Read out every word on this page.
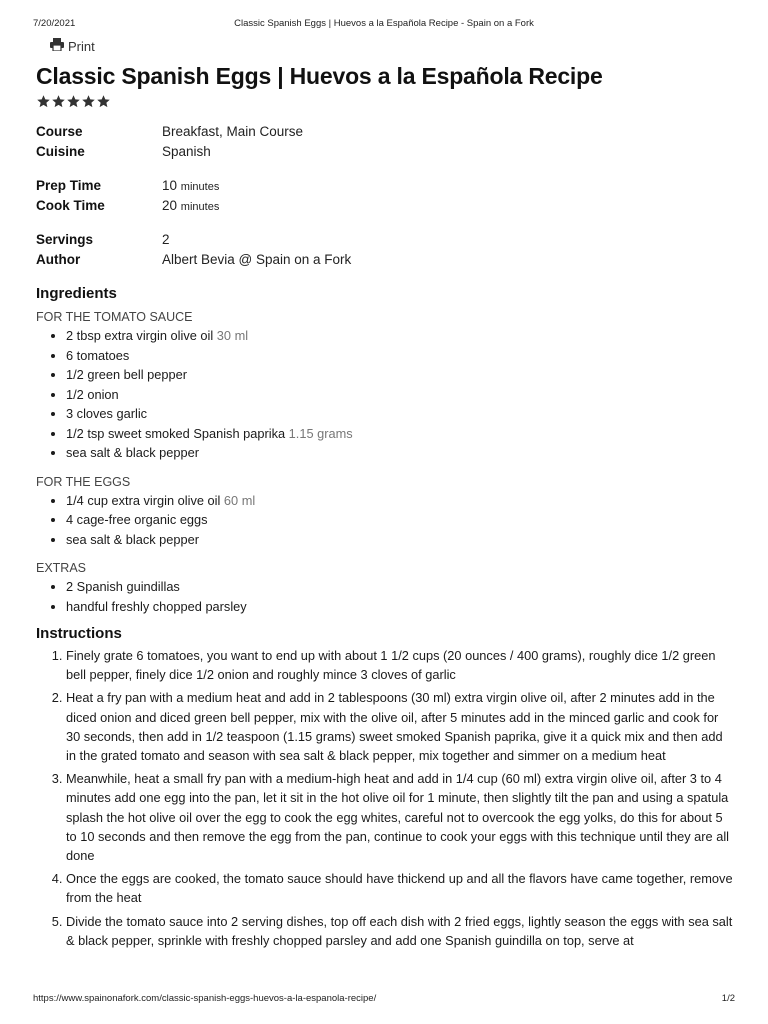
7/20/2021	Classic Spanish Eggs | Huevos a la Española Recipe - Spain on a Fork
Print
Classic Spanish Eggs | Huevos a la Española Recipe
Course	Breakfast, Main Course
Cuisine	Spanish
Prep Time	10 minutes
Cook Time	20 minutes
Servings	2
Author	Albert Bevia @ Spain on a Fork
Ingredients
FOR THE TOMATO SAUCE
• 2 tbsp extra virgin olive oil 30 ml
• 6 tomatoes
• 1/2 green bell pepper
• 1/2 onion
• 3 cloves garlic
• 1/2 tsp sweet smoked Spanish paprika 1.15 grams
• sea salt & black pepper
FOR THE EGGS
• 1/4 cup extra virgin olive oil 60 ml
• 4 cage-free organic eggs
• sea salt & black pepper
EXTRAS
• 2 Spanish guindillas
• handful freshly chopped parsley
Instructions
1. Finely grate 6 tomatoes, you want to end up with about 1 1/2 cups (20 ounces / 400 grams), roughly dice 1/2 green bell pepper, finely dice 1/2 onion and roughly mince 3 cloves of garlic
2. Heat a fry pan with a medium heat and add in 2 tablespoons (30 ml) extra virgin olive oil, after 2 minutes add in the diced onion and diced green bell pepper, mix with the olive oil, after 5 minutes add in the minced garlic and cook for 30 seconds, then add in 1/2 teaspoon (1.15 grams) sweet smoked Spanish paprika, give it a quick mix and then add in the grated tomato and season with sea salt & black pepper, mix together and simmer on a medium heat
3. Meanwhile, heat a small fry pan with a medium-high heat and add in 1/4 cup (60 ml) extra virgin olive oil, after 3 to 4 minutes add one egg into the pan, let it sit in the hot olive oil for 1 minute, then slightly tilt the pan and using a spatula splash the hot olive oil over the egg to cook the egg whites, careful not to overcook the egg yolks, do this for about 5 to 10 seconds and then remove the egg from the pan, continue to cook your eggs with this technique until they are all done
4. Once the eggs are cooked, the tomato sauce should have thickend up and all the flavors have came together, remove from the heat
5. Divide the tomato sauce into 2 serving dishes, top off each dish with 2 fried eggs, lightly season the eggs with sea salt & black pepper, sprinkle with freshly chopped parsley and add one Spanish guindilla on top, serve at
https://www.spainonafork.com/classic-spanish-eggs-huevos-a-la-espanola-recipe/	1/2
